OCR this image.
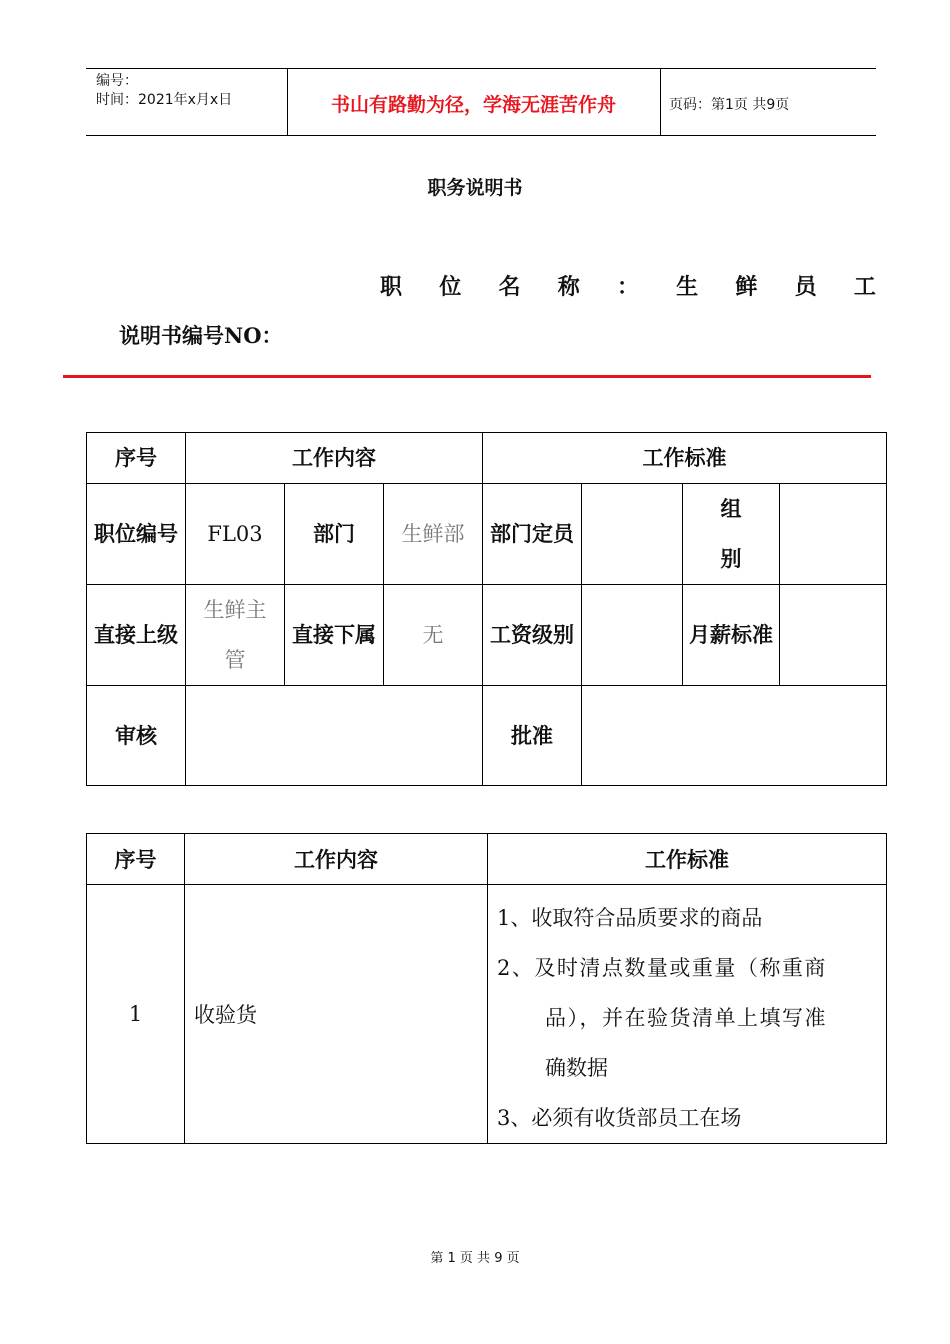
编号：
时间：2021年x月x日	书山有路勤为径，学海无涯苦作舟	页码：第1页 共9页
职务说明书
职 位 名 称 ： 生 鲜 员 工
说明书编号NO：
序号	工作内容			工作标准			
职位编号	FL03	部门	生鲜部	部门定员		组别	
直接上级	生鲜主管	直接下属	无	工资级别		月薪标准	
审核				批准			
序号	工作内容	工作标准
1	收验货	1、收取符合品质要求的商品
2、及时清点数量或重量（称重商
品），并在验货清单上填写准
确数据
3、必须有收货部员工在场
第 1 页 共 9 页
